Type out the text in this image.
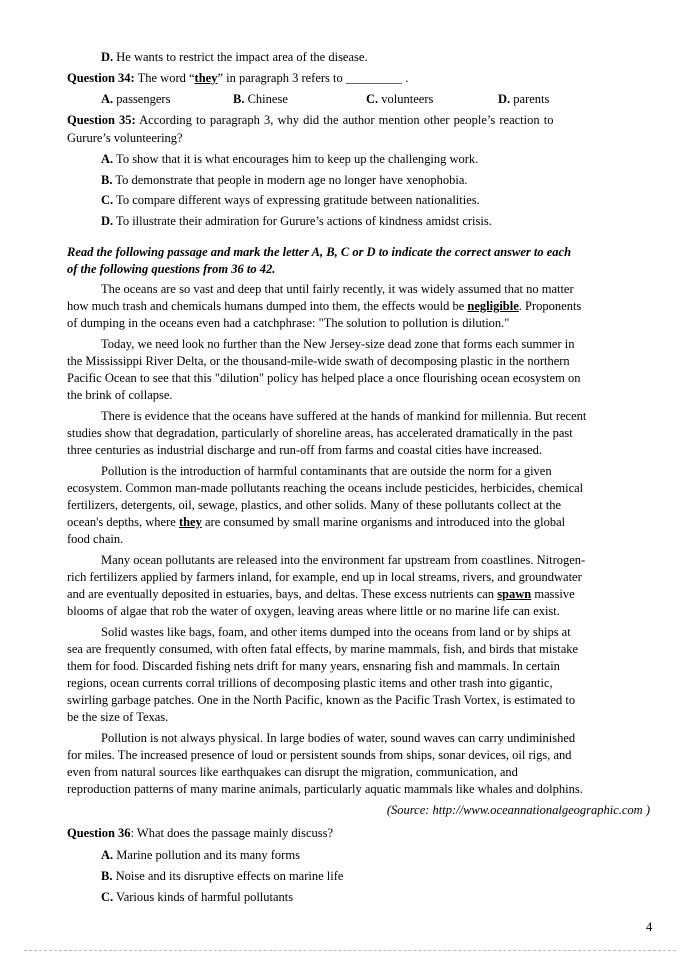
D. He wants to restrict the impact area of the disease.
Question 34: The word “they” in paragraph 3 refers to _________ .
A. passengers	B. Chinese	C. volunteers	D. parents
Question 35: According to paragraph 3, why did the author mention other people’s reaction to
Gurure’s volunteering?
A. To show that it is what encourages him to keep up the challenging work.
B. To demonstrate that people in modern age no longer have xenophobia.
C. To compare different ways of expressing gratitude between nationalities.
D. To illustrate their admiration for Gurure’s actions of kindness amidst crisis.
Read the following passage and mark the letter A, B, C or D to indicate the correct answer to each
of the following questions from 36 to 42.
The oceans are so vast and deep that until fairly recently, it was widely assumed that no matter
how much trash and chemicals humans dumped into them, the effects would be negligible. Proponents
of dumping in the oceans even had a catchphrase: "The solution to pollution is dilution."
Today, we need look no further than the New Jersey-size dead zone that forms each summer in
the Mississippi River Delta, or the thousand-mile-wide swath of decomposing plastic in the northern
Pacific Ocean to see that this "dilution" policy has helped place a once flourishing ocean ecosystem on
the brink of collapse.
There is evidence that the oceans have suffered at the hands of mankind for millennia. But recent
studies show that degradation, particularly of shoreline areas, has accelerated dramatically in the past
three centuries as industrial discharge and run-off from farms and coastal cities have increased.
Pollution is the introduction of harmful contaminants that are outside the norm for a given
ecosystem. Common man-made pollutants reaching the oceans include pesticides, herbicides, chemical
fertilizers, detergents, oil, sewage, plastics, and other solids. Many of these pollutants collect at the
ocean's depths, where they are consumed by small marine organisms and introduced into the global
food chain.
Many ocean pollutants are released into the environment far upstream from coastlines. Nitrogen-
rich fertilizers applied by farmers inland, for example, end up in local streams, rivers, and groundwater
and are eventually deposited in estuaries, bays, and deltas. These excess nutrients can spawn massive
blooms of algae that rob the water of oxygen, leaving areas where little or no marine life can exist.
Solid wastes like bags, foam, and other items dumped into the oceans from land or by ships at
sea are frequently consumed, with often fatal effects, by marine mammals, fish, and birds that mistake
them for food. Discarded fishing nets drift for many years, ensnaring fish and mammals. In certain
regions, ocean currents corral trillions of decomposing plastic items and other trash into gigantic,
swirling garbage patches. One in the North Pacific, known as the Pacific Trash Vortex, is estimated to
be the size of Texas.
Pollution is not always physical. In large bodies of water, sound waves can carry undiminished
for miles. The increased presence of loud or persistent sounds from ships, sonar devices, oil rigs, and
even from natural sources like earthquakes can disrupt the migration, communication, and
reproduction patterns of many marine animals, particularly aquatic mammals like whales and dolphins.
(Source: http://www.oceannationalgeographic.com )
Question 36: What does the passage mainly discuss?
A. Marine pollution and its many forms
B. Noise and its disruptive effects on marine life
C. Various kinds of harmful pollutants
4
